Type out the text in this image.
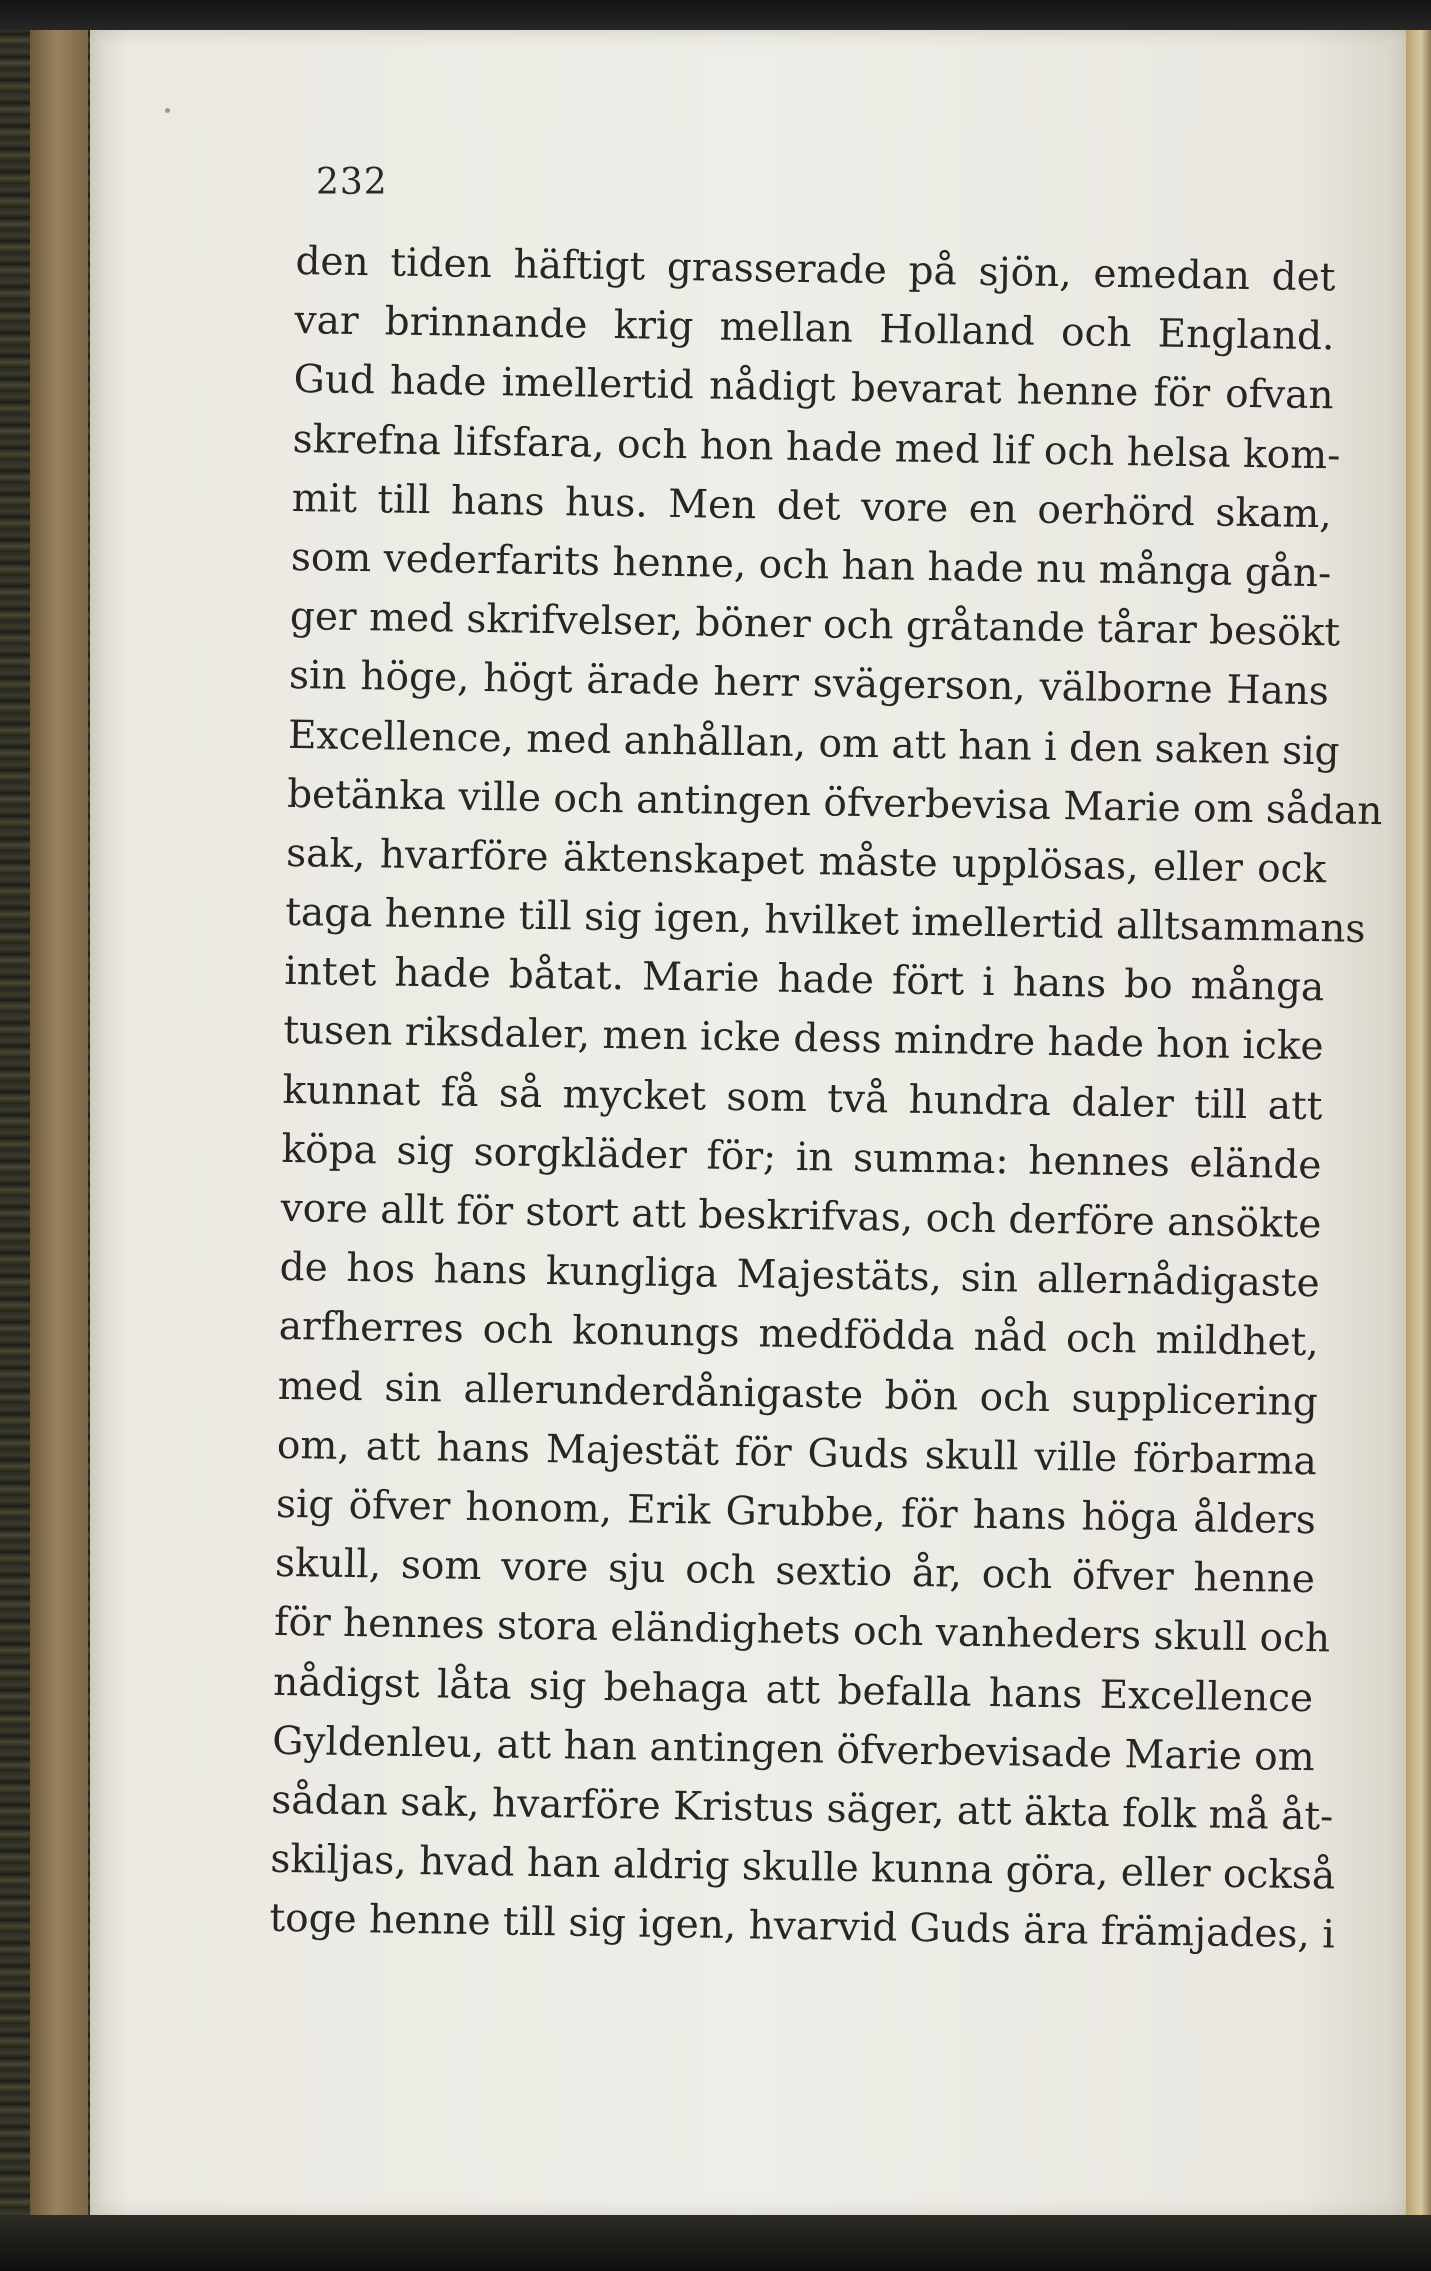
232
den tiden häftigt grasserade på sjön, emedan det
var brinnande krig mellan Holland och England.
Gud hade imellertid nådigt bevarat henne för ofvan
skrefna lifsfara, och hon hade med lif och helsa kom-
mit till hans hus. Men det vore en oerhörd skam,
som vederfarits henne, och han hade nu många gån-
ger med skrifvelser, böner och gråtande tårar besökt
sin höge, högt ärade herr svägerson, välborne Hans
Excellence, med anhållan, om att han i den saken sig
betänka ville och antingen öfverbevisa Marie om sådan
sak, hvarföre äktenskapet måste upplösas, eller ock
taga henne till sig igen, hvilket imellertid alltsammans
intet hade båtat. Marie hade fört i hans bo många
tusen riksdaler, men icke dess mindre hade hon icke
kunnat få så mycket som två hundra daler till att
köpa sig sorgkläder för; in summa: hennes elände
vore allt för stort att beskrifvas, och derföre ansökte
de hos hans kungliga Majestäts, sin allernådigaste
arfherres och konungs medfödda nåd och mildhet,
med sin allerunderdånigaste bön och supplicering
om, att hans Majestät för Guds skull ville förbarma
sig öfver honom, Erik Grubbe, för hans höga ålders
skull, som vore sju och sextio år, och öfver henne
för hennes stora eländighets och vanheders skull och
nådigst låta sig behaga att befalla hans Excellence
Gyldenleu, att han antingen öfverbevisade Marie om
sådan sak, hvarföre Kristus säger, att äkta folk må åt-
skiljas, hvad han aldrig skulle kunna göra, eller också
toge henne till sig igen, hvarvid Guds ära främjades, i
